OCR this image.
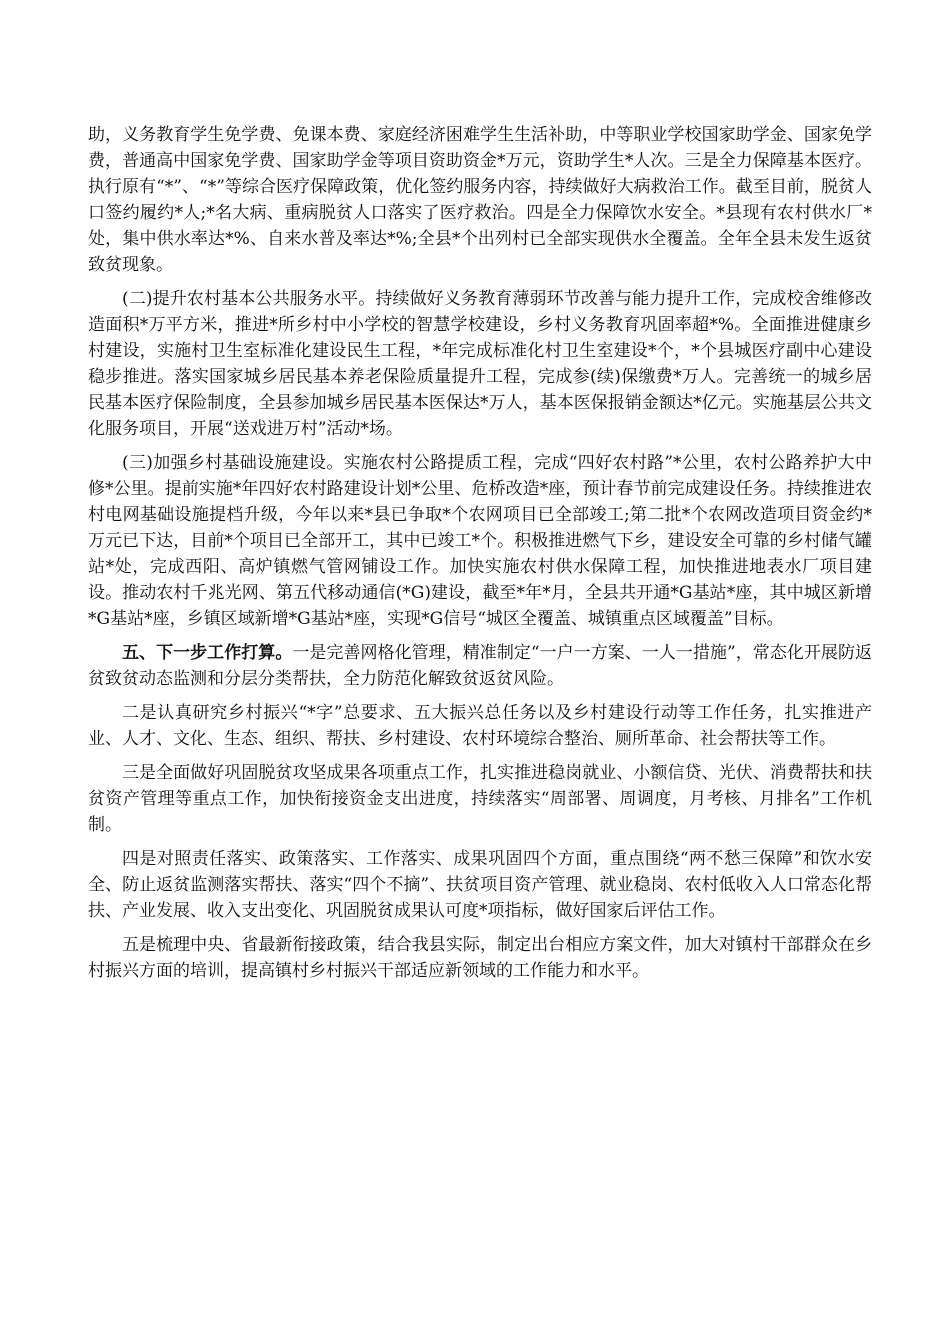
助，义务教育学生免学费、免课本费、家庭经济困难学生生活补助，中等职业学校国家助学金、国家免学费，普通高中国家免学费、国家助学金等项目资助资金*万元，资助学生*人次。三是全力保障基本医疗。执行原有“*”、“*”等综合医疗保障政策，优化签约服务内容，持续做好大病救治工作。截至目前，脱贫人口签约履约*人;*名大病、重病脱贫人口落实了医疗救治。四是全力保障饮水安全。*县现有农村供水厂*处，集中供水率达*%、自来水普及率达*%;全县*个出列村已全部实现供水全覆盖。全年全县未发生返贫致贫现象。

(二)提升农村基本公共服务水平。持续做好义务教育薄弱环节改善与能力提升工作，完成校舍维修改造面积*万平方米，推进*所乡村中小学校的智慧学校建设，乡村义务教育巩固率超*%。全面推进健康乡村建设，实施村卫生室标准化建设民生工程，*年完成标准化村卫生室建设*个，*个县城医疗副中心建设稳步推进。落实国家城乡居民基本养老保险质量提升工程，完成参(续)保缴费*万人。完善统一的城乡居民基本医疗保险制度，全县参加城乡居民基本医保达*万人，基本医保报销金额达*亿元。实施基层公共文化服务项目，开展“送戏进万村”活动*场。

(三)加强乡村基础设施建设。实施农村公路提质工程，完成“四好农村路”*公里，农村公路养护大中修*公里。提前实施*年四好农村路建设计划*公里、危桥改造*座，预计春节前完成建设任务。持续推进农村电网基础设施提档升级，今年以来*县已争取*个农网项目已全部竣工;第二批*个农网改造项目资金约*万元已下达，目前*个项目已全部开工，其中已竣工*个。积极推进燃气下乡，建设安全可靠的乡村储气罐站*处，完成西阳、高炉镇燃气管网铺设工作。加快实施农村供水保障工程，加快推进地表水厂项目建设。推动农村千兆光网、第五代移动通信(*G)建设，截至*年*月，全县共开通*G基站*座，其中城区新增*G基站*座，乡镇区域新增*G基站*座，实现*G信号“城区全覆盖、城镇重点区域覆盖”目标。

五、下一步工作打算。一是完善网格化管理，精准制定“一户一方案、一人一措施”，常态化开展防返贫致贫动态监测和分层分类帮扶，全力防范化解致贫返贫风险。

二是认真研究乡村振兴“*字”总要求、五大振兴总任务以及乡村建设行动等工作任务，扎实推进产业、人才、文化、生态、组织、帮扶、乡村建设、农村环境综合整治、厕所革命、社会帮扶等工作。

三是全面做好巩固脱贫攻坚成果各项重点工作，扎实推进稳岗就业、小额信贷、光伏、消费帮扶和扶贫资产管理等重点工作，加快衔接资金支出进度，持续落实“周部署、周调度，月考核、月排名”工作机制。

四是对照责任落实、政策落实、工作落实、成果巩固四个方面，重点围绕“两不愁三保障”和饮水安全、防止返贫监测落实帮扶、落实“四个不摘”、扶贫项目资产管理、就业稳岗、农村低收入人口常态化帮扶、产业发展、收入支出变化、巩固脱贫成果认可度*项指标，做好国家后评估工作。

五是梳理中央、省最新衔接政策，结合我县实际，制定出台相应方案文件，加大对镇村干部群众在乡村振兴方面的培训，提高镇村乡村振兴干部适应新领域的工作能力和水平。
